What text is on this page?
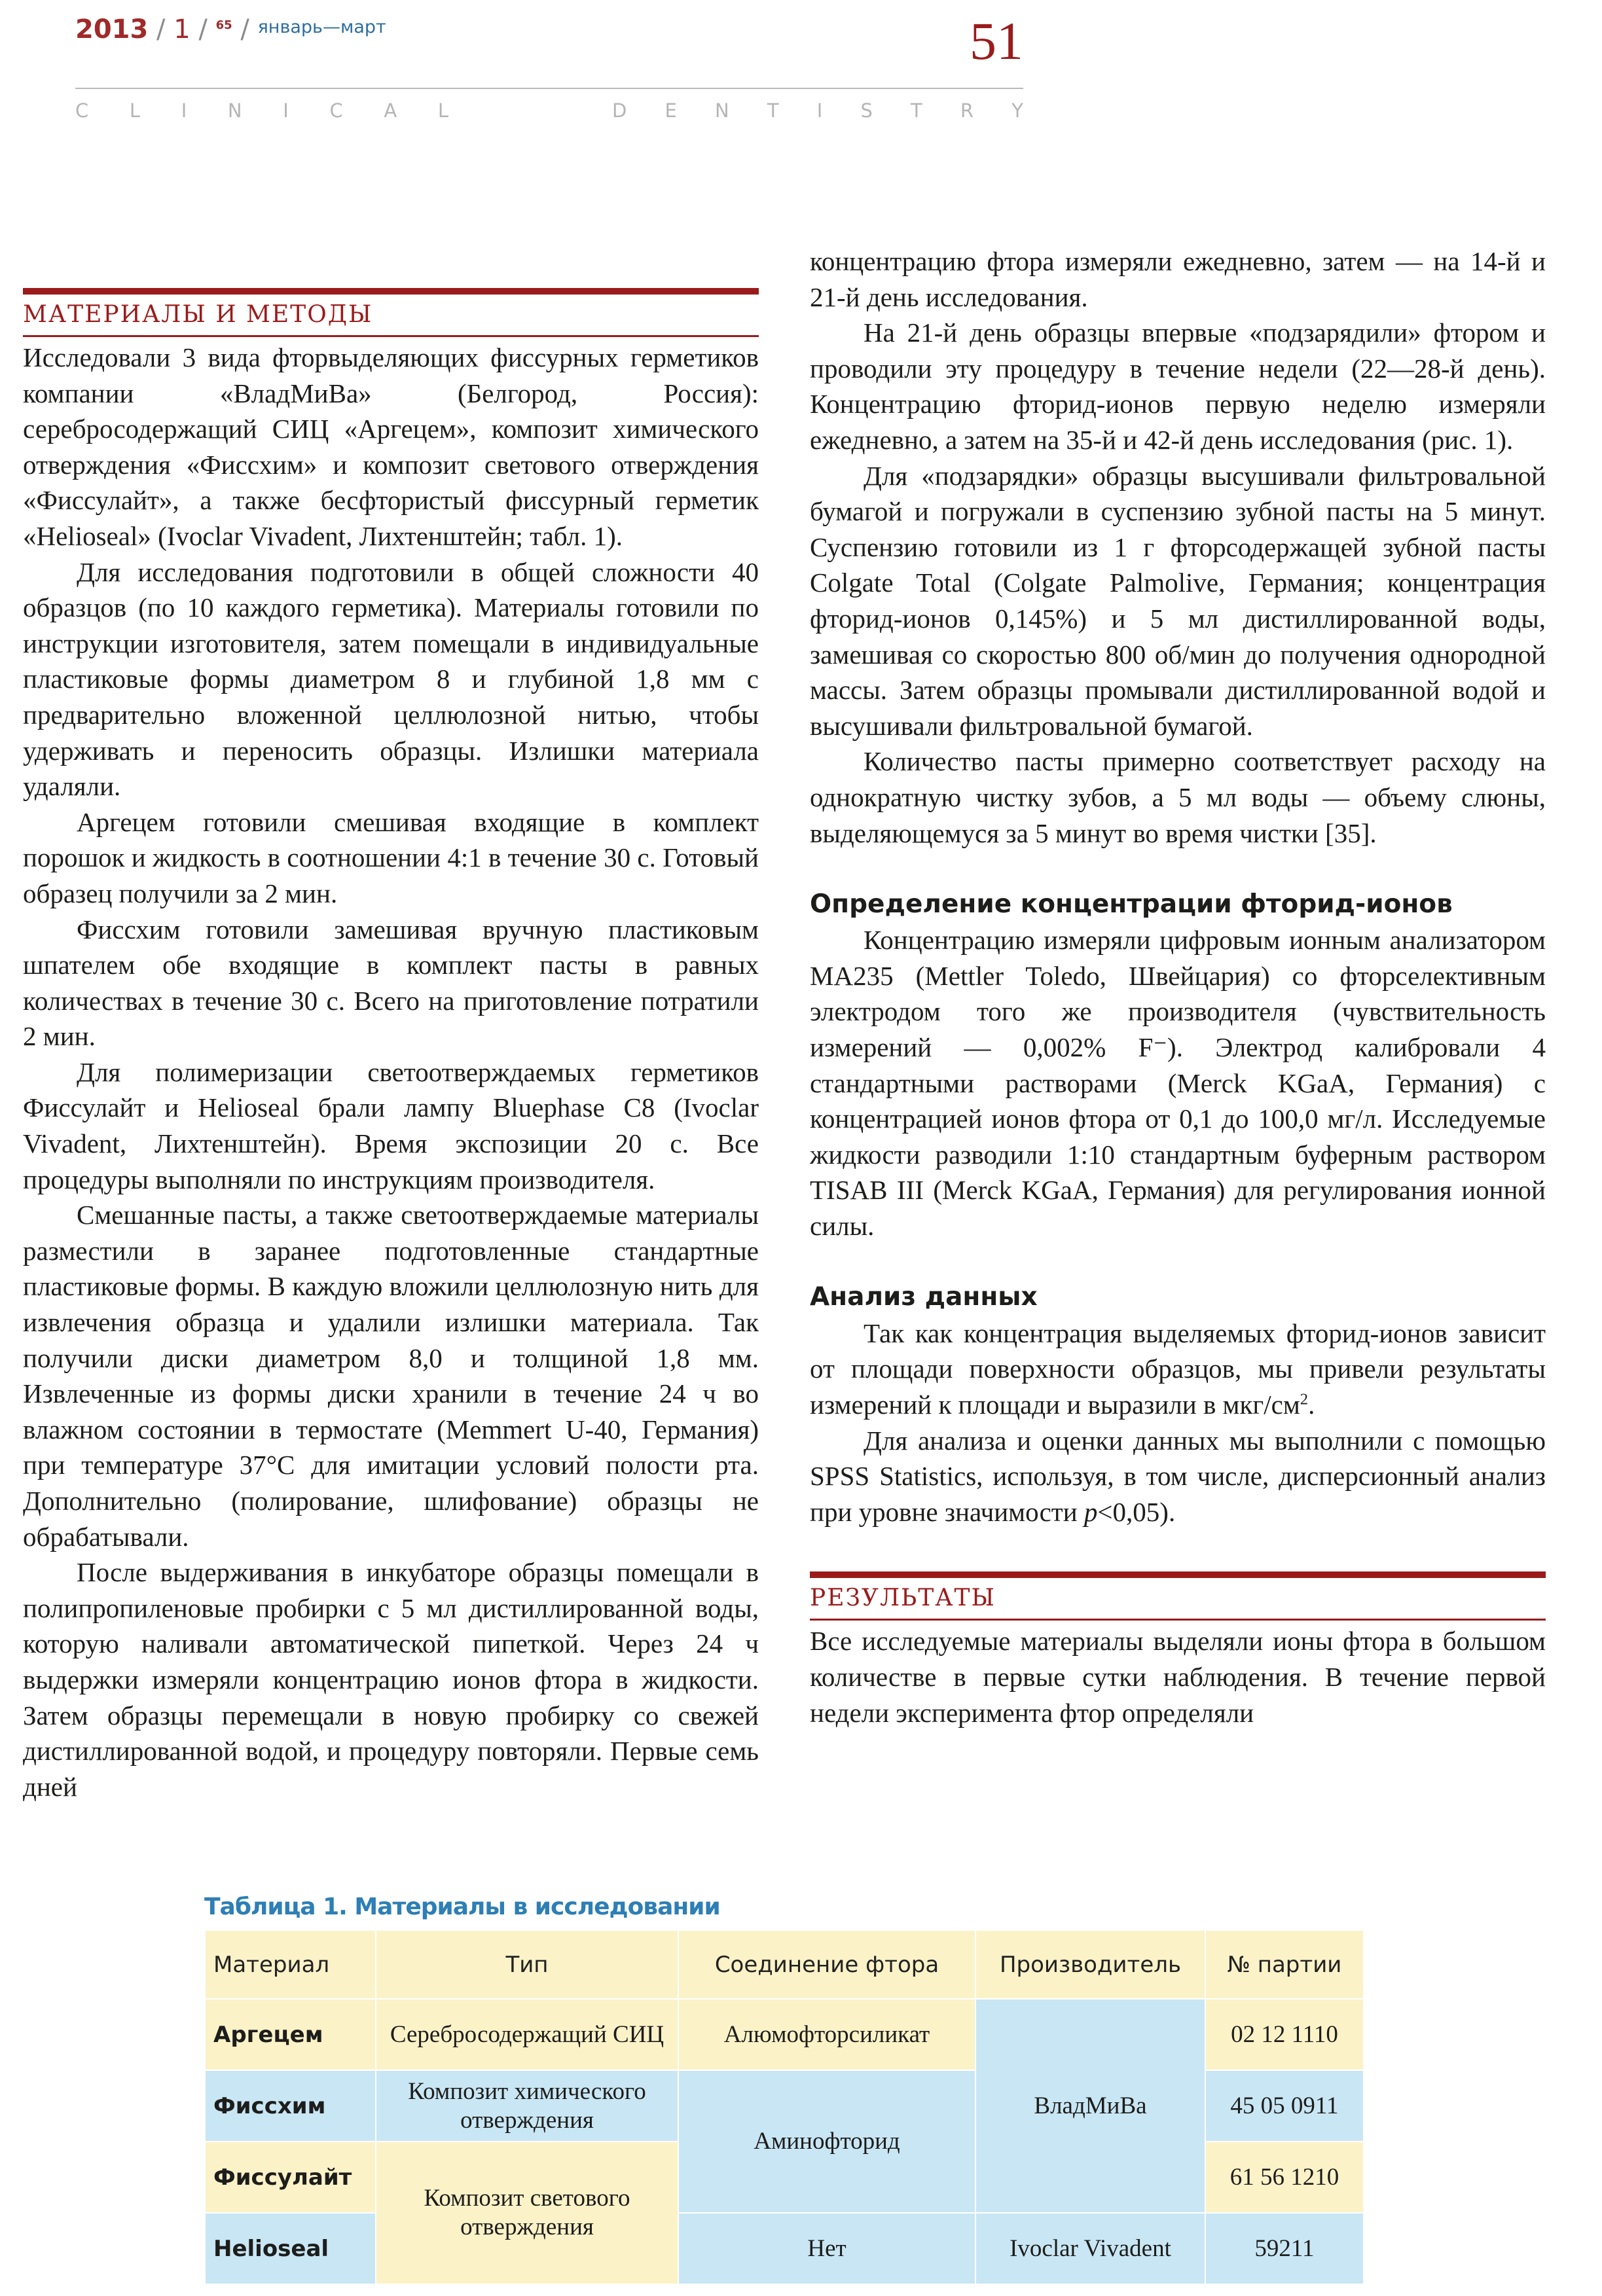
2013 / 1 / $^{65}$ / $^{январь—март}$	51
C L I N I C A L	D E N T I S T R Y
МАТЕРИАЛЫ И МЕТОДЫ

Исследовали 3 вида фторвыделяющих фиссурных герметиков компании «ВладМиВа» (Белгород, Россия): серебросодержащий СИЦ «Аргецем», композит химического отверждения «Фиссхим» и композит светового отверждения «Фиссулайт», а также бесфтористый фиссурный герметик «Helioseal» (Ivoclar Vivadent, Лихтенштейн; табл. 1).

Для исследования подготовили в общей сложности 40 образцов (по 10 каждого герметика). Материалы готовили по инструкции изготовителя, затем помещали в индивидуальные пластиковые формы диаметром 8 и глубиной 1,8 мм с предварительно вложенной целлюлозной нитью, чтобы удерживать и переносить образцы. Излишки материала удаляли.

Аргецем готовили смешивая входящие в комплект порошок и жидкость в соотношении 4:1 в течение 30 с. Готовый образец получили за 2 мин.

Фиссхим готовили замешивая вручную пластиковым шпателем обе входящие в комплект пасты в равных количествах в течение 30 с. Всего на приготовление потратили 2 мин.

Для полимеризации светоотверждаемых герметиков Фиссулайт и Helioseal брали лампу Bluephase C8 (Ivoclar Vivadent, Лихтенштейн). Время экспозиции 20 с. Все процедуры выполняли по инструкциям производителя.

Смешанные пасты, а также светоотверждаемые материалы разместили в заранее подготовленные стандартные пластиковые формы. В каждую вложили целлюлозную нить для извлечения образца и удалили излишки материала. Так получили диски диаметром 8,0 и толщиной 1,8 мм. Извлеченные из формы диски хранили в течение 24 ч во влажном состоянии в термостате (Memmert U-40, Германия) при температуре 37°С для имитации условий полости рта. Дополнительно (полирование, шлифование) образцы не обрабатывали.

После выдерживания в инкубаторе образцы помещали в полипропиленовые пробирки с 5 мл дистиллированной воды, которую наливали автоматической пипеткой. Через 24 ч выдержки измеряли концентрацию ионов фтора в жидкости. Затем образцы перемещали в новую пробирку со свежей дистиллированной водой, и процедуру повторяли. Первые семь дней

концентрацию фтора измеряли ежедневно, затем — на 14-й и 21-й день исследования.

На 21-й день образцы впервые «подзарядили» фтором и проводили эту процедуру в течение недели (22—28-й день). Концентрацию фторид-ионов первую неделю измеряли ежедневно, а затем на 35-й и 42-й день исследования (рис. 1).

Для «подзарядки» образцы высушивали фильтровальной бумагой и погружали в суспензию зубной пасты на 5 минут. Суспензию готовили из 1 г фторсодержащей зубной пасты Colgate Total (Colgate Palmolive, Германия; концентрация фторид-ионов 0,145%) и 5 мл дистиллированной воды, замешивая со скоростью 800 об/мин до получения однородной массы. Затем образцы промывали дистиллированной водой и высушивали фильтровальной бумагой.

Количество пасты примерно соответствует расходу на однократную чистку зубов, а 5 мл воды — объему слюны, выделяющемуся за 5 минут во время чистки [35].

Определение концентрации фторид-ионов

Концентрацию измеряли цифровым ионным анализатором МА235 (Mettler Toledo, Швейцария) со фторселективным электродом того же производителя (чувствительность измерений — 0,002% F⁻). Электрод калибровали 4 стандартными растворами (Merck KGaA, Германия) с концентрацией ионов фтора от 0,1 до 100,0 мг/л. Исследуемые жидкости разводили 1:10 стандартным буферным раствором TISAB III (Merck KGaA, Германия) для регулирования ионной силы.

Анализ данных

Так как концентрация выделяемых фторид-ионов зависит от площади поверхности образцов, мы привели результаты измерений к площади и выразили в мкг/$см^2$.

Для анализа и оценки данных мы выполнили с помощью SPSS Statistics, используя, в том числе, дисперсионный анализ при уровне значимости p<0,05).

РЕЗУЛЬТАТЫ

Все исследуемые материалы выделяли ионы фтора в большом количестве в первые сутки наблюдения. В течение первой недели эксперимента фтор определяли

Таблица 1. Материалы в исследовании
Материал	Тип	Соединение фтора	Производитель	№ партии
Аргецем	Серебросодержащий СИЦ	Алюмофторсиликат	ВладМиВа	02 12 1110
Фиссхим	Композит химического отверждения	Аминофторид		45 05 0911
Фиссулайт	Композит светового отверждения			61 56 1210
Helioseal		Нет	Ivoclar Vivadent	59211
